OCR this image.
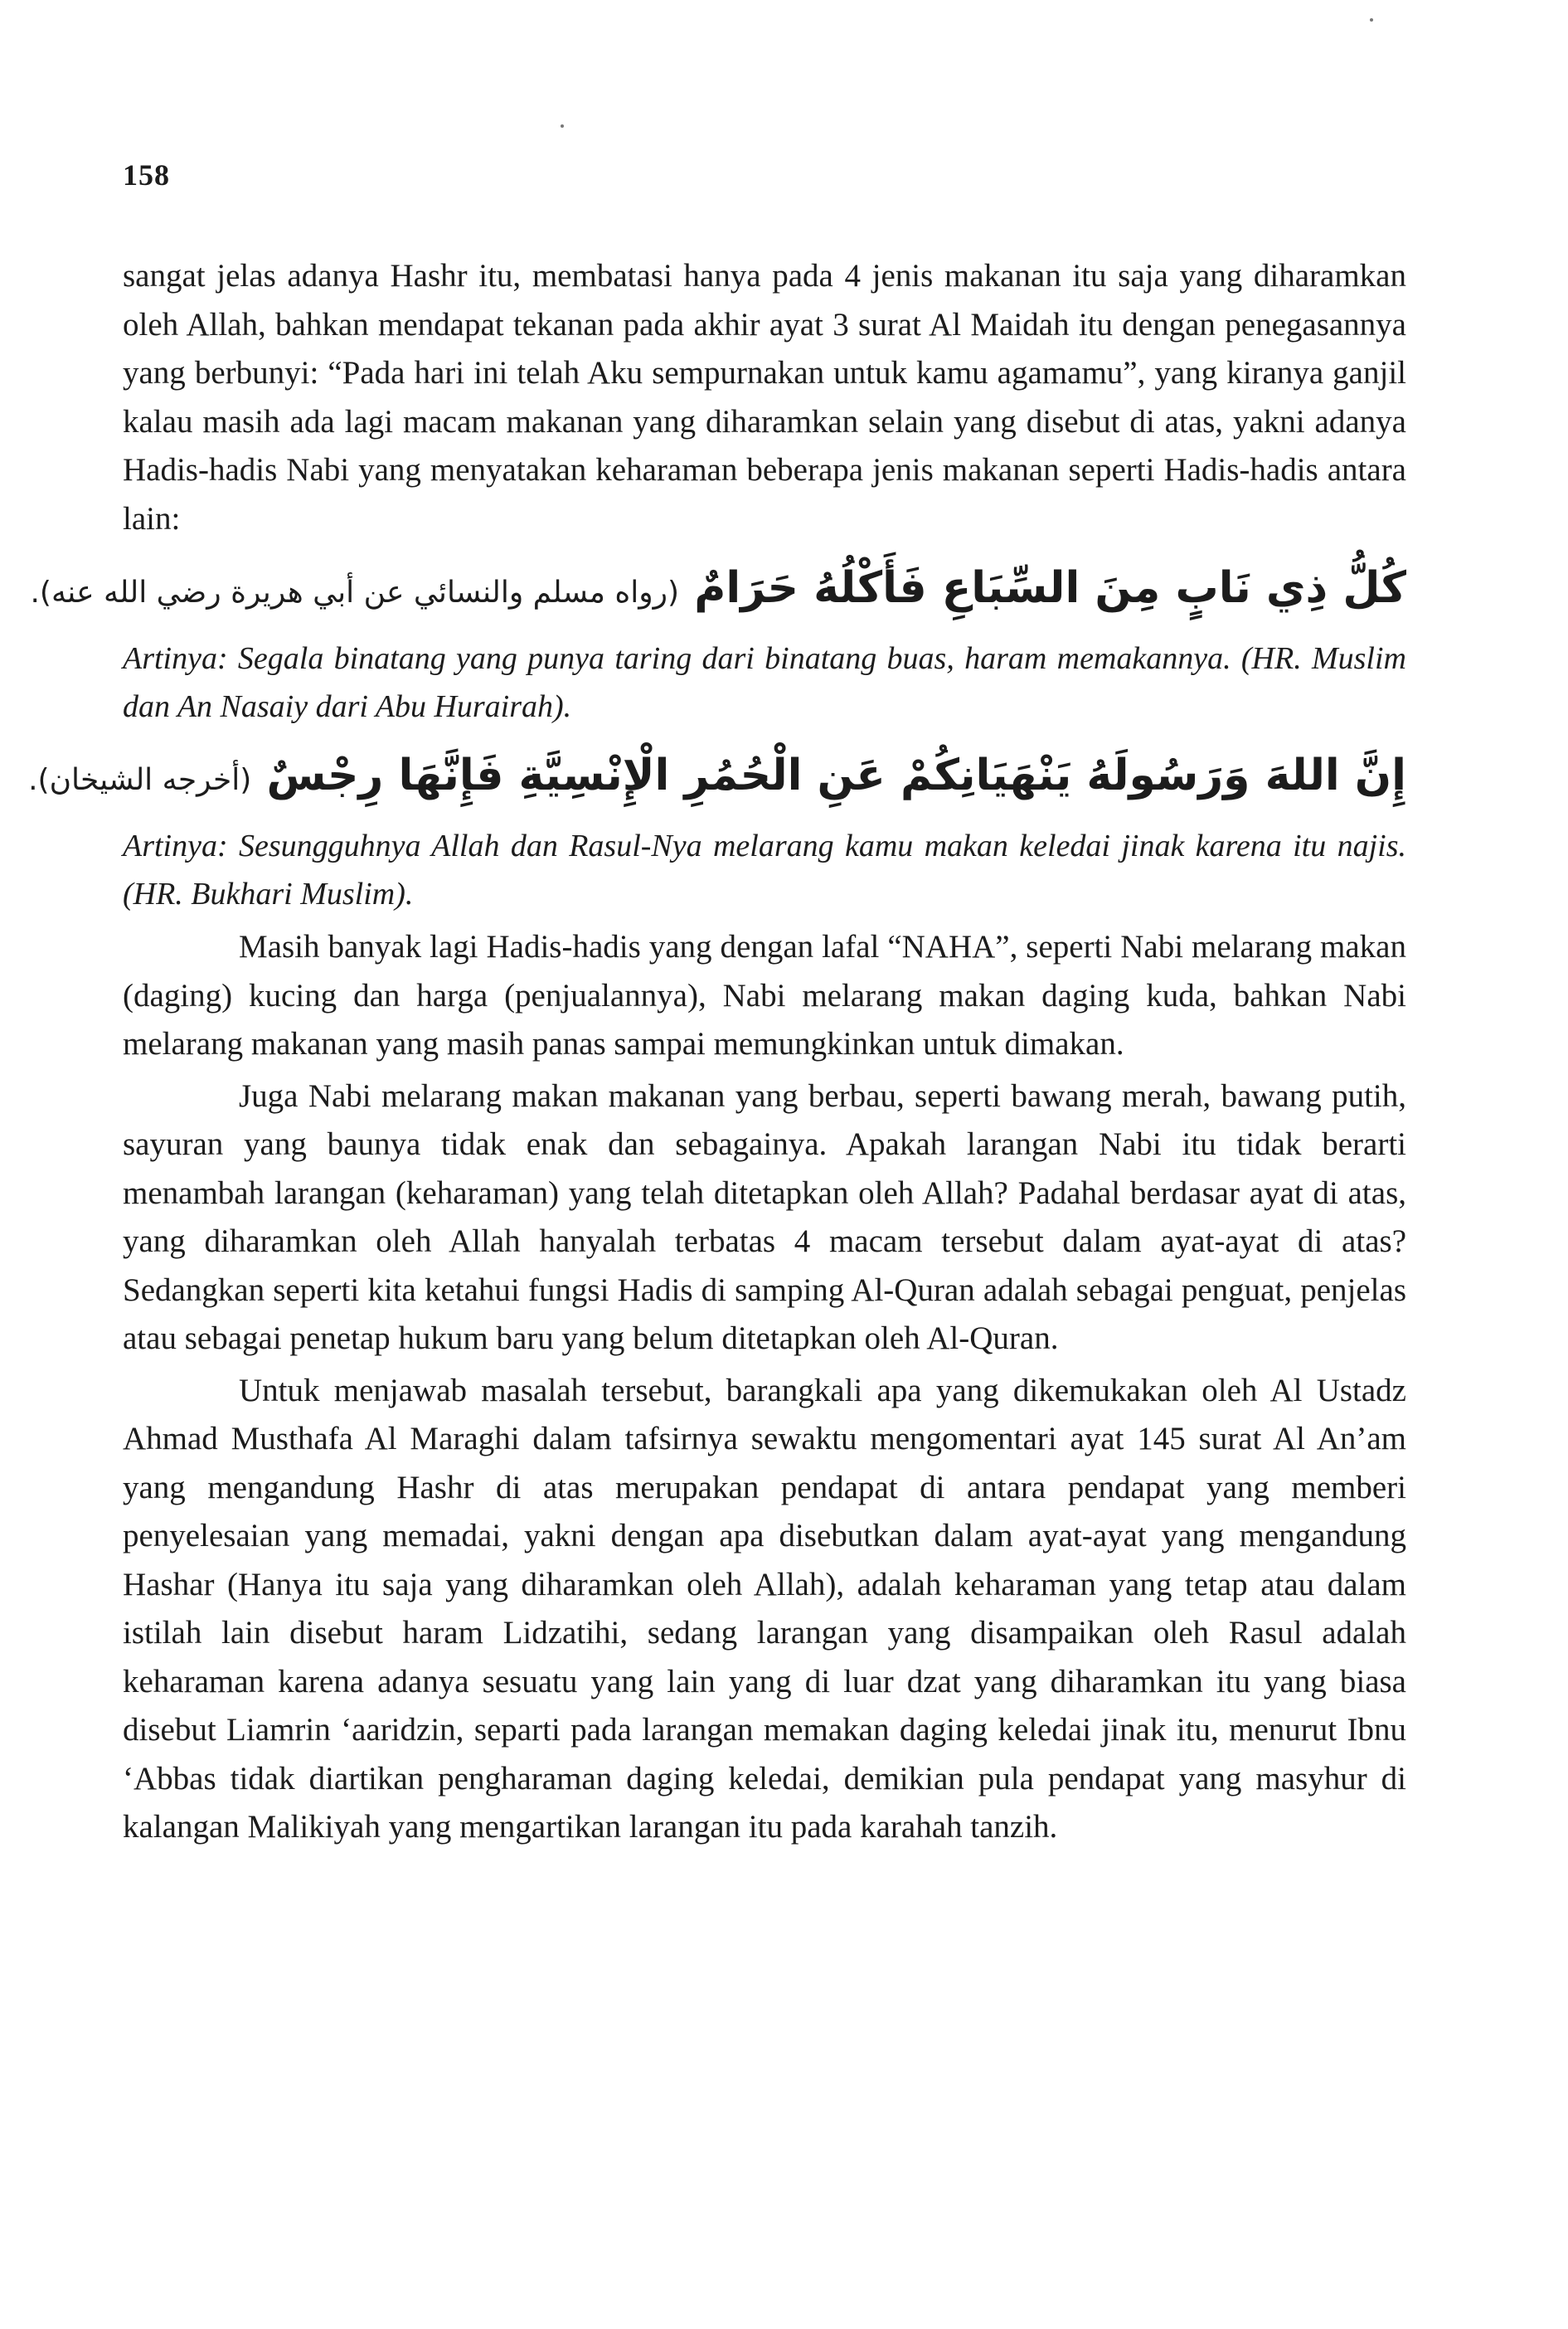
158

sangat jelas adanya Hashr itu, membatasi hanya pada 4 jenis makanan itu saja yang diharamkan oleh Allah, bahkan mendapat tekanan pada akhir ayat 3 surat Al Maidah itu dengan penegasannya yang berbunyi: “Pada hari ini telah Aku sempurnakan untuk kamu agamamu”, yang kiranya ganjil kalau masih ada lagi macam makanan yang diharamkan selain yang disebut di atas, yakni adanya Hadis-hadis Nabi yang menyatakan keharaman beberapa jenis makanan seperti Hadis-hadis antara lain:

كُلُّ ذِي نَابٍ مِنَ السِّبَاعِ فَأَكْلُهُ حَرَامٌ (رواه مسلم والنسائي عن أبي هريرة رضي الله عنه).

Artinya: Segala binatang yang punya taring dari binatang buas, haram memakannya. (HR. Muslim dan An Nasaiy dari Abu Hurairah).

إِنَّ اللهَ وَرَسُولَهُ يَنْهَيَانِكُمْ عَنِ الْحُمُرِ الْإِنْسِيَّةِ فَإِنَّهَا رِجْسٌ (أخرجه الشيخان).

Artinya: Sesungguhnya Allah dan Rasul-Nya melarang kamu makan keledai jinak karena itu najis. (HR. Bukhari Muslim).

Masih banyak lagi Hadis-hadis yang dengan lafal “NAHA”, seperti Nabi melarang makan (daging) kucing dan harga (penjualannya), Nabi melarang makan daging kuda, bahkan Nabi melarang makanan yang masih panas sampai memungkinkan untuk dimakan.

Juga Nabi melarang makan makanan yang berbau, seperti bawang merah, bawang putih, sayuran yang baunya tidak enak dan sebagainya. Apakah larangan Nabi itu tidak berarti menambah larangan (keharaman) yang telah ditetapkan oleh Allah? Padahal berdasar ayat di atas, yang diharamkan oleh Allah hanyalah terbatas 4 macam tersebut dalam ayat-ayat di atas? Sedangkan seperti kita ketahui fungsi Hadis di samping Al-Quran adalah sebagai penguat, penjelas atau sebagai penetap hukum baru yang belum ditetapkan oleh Al-Quran.

Untuk menjawab masalah tersebut, barangkali apa yang dikemukakan oleh Al Ustadz Ahmad Musthafa Al Maraghi dalam tafsirnya sewaktu mengomentari ayat 145 surat Al An’am yang mengandung Hashr di atas merupakan pendapat di antara pendapat yang memberi penyelesaian yang memadai, yakni dengan apa disebutkan dalam ayat-ayat yang mengandung Hashar (Hanya itu saja yang diharamkan oleh Allah), adalah keharaman yang tetap atau dalam istilah lain disebut haram Lidzatihi, sedang larangan yang disampaikan oleh Rasul adalah keharaman karena adanya sesuatu yang lain yang di luar dzat yang diharamkan itu yang biasa disebut Liamrin ‘aaridzin, separti pada larangan memakan daging keledai jinak itu, menurut Ibnu ‘Abbas tidak diartikan pengharaman daging keledai, demikian pula pendapat yang masyhur di kalangan Malikiyah yang mengartikan larangan itu pada karahah tanzih.
